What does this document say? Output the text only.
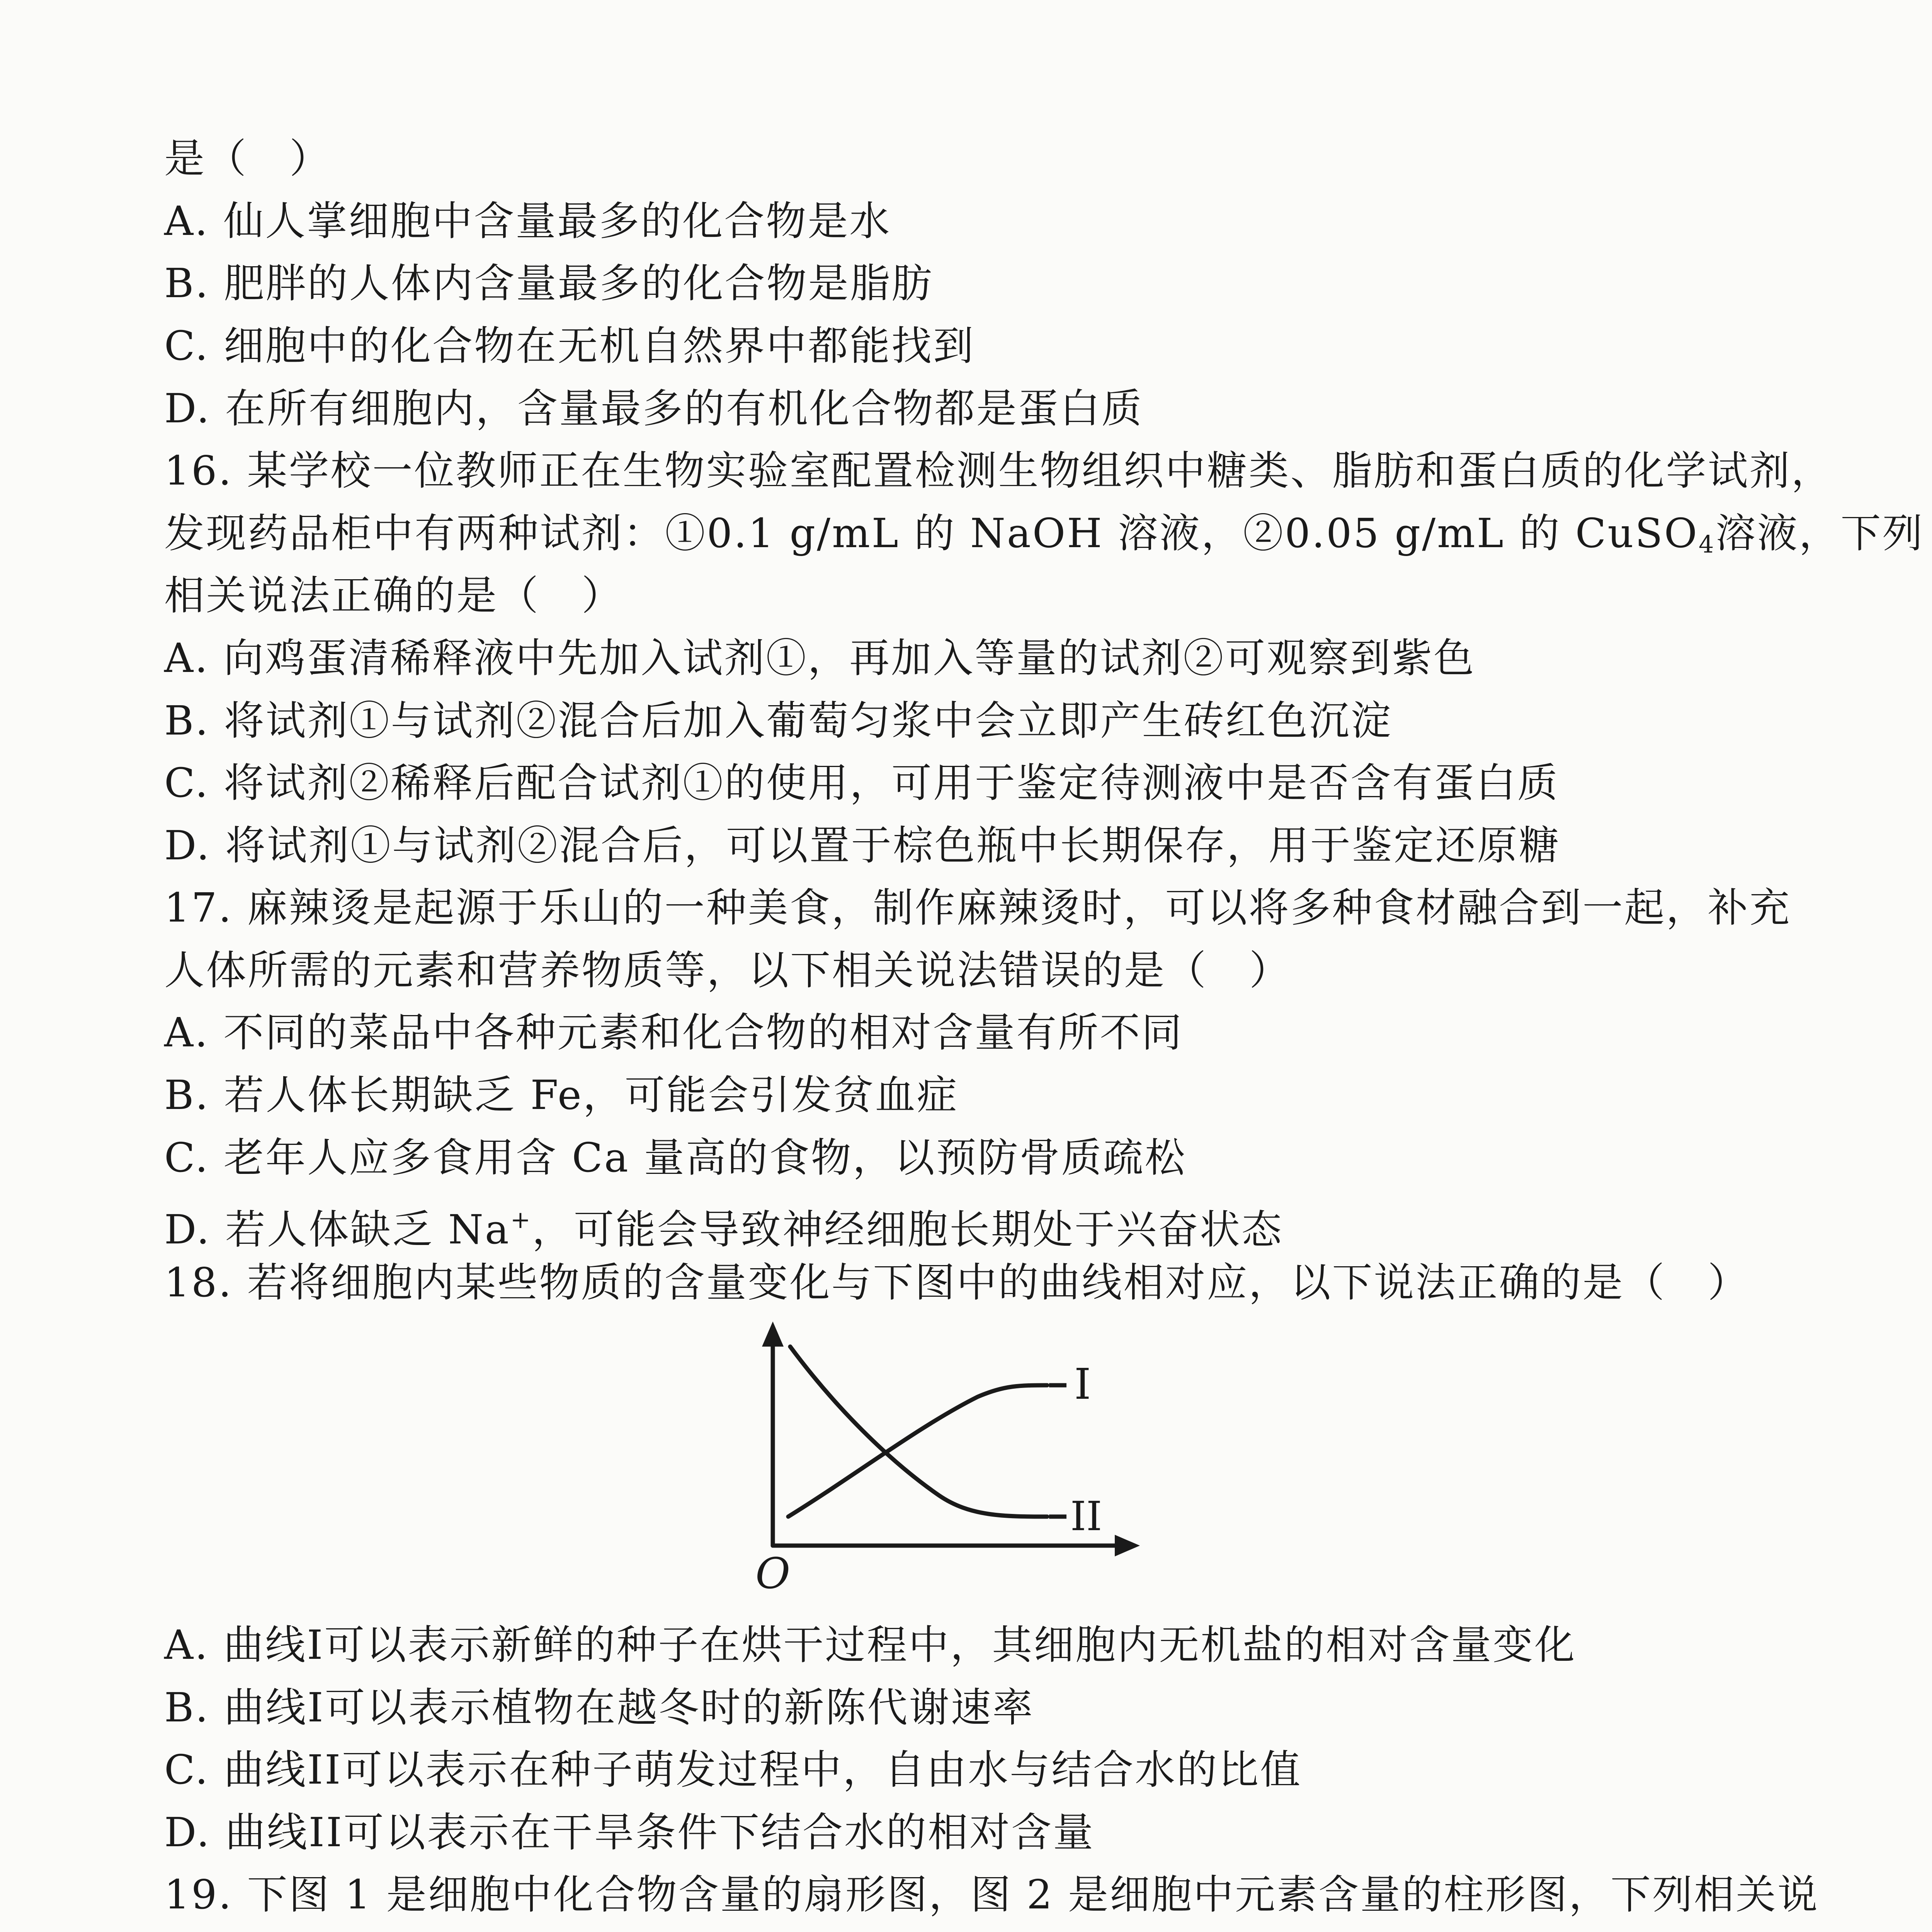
是（　）
A. 仙人掌细胞中含量最多的化合物是水
B. 肥胖的人体内含量最多的化合物是脂肪
C. 细胞中的化合物在无机自然界中都能找到
D. 在所有细胞内，含量最多的有机化合物都是蛋白质
16. 某学校一位教师正在生物实验室配置检测生物组织中糖类、脂肪和蛋白质的化学试剂，
发现药品柜中有两种试剂：①0.1 g/mL 的 NaOH 溶液，②0.05 g/mL 的 CuSO$_4$溶液，下列
相关说法正确的是（　）
A. 向鸡蛋清稀释液中先加入试剂①，再加入等量的试剂②可观察到紫色
B. 将试剂①与试剂②混合后加入葡萄匀浆中会立即产生砖红色沉淀
C. 将试剂②稀释后配合试剂①的使用，可用于鉴定待测液中是否含有蛋白质
D. 将试剂①与试剂②混合后，可以置于棕色瓶中长期保存，用于鉴定还原糖
17. 麻辣烫是起源于乐山的一种美食，制作麻辣烫时，可以将多种食材融合到一起，补充
人体所需的元素和营养物质等，以下相关说法错误的是（　）
A. 不同的菜品中各种元素和化合物的相对含量有所不同
B. 若人体长期缺乏 Fe，可能会引发贫血症
C. 老年人应多食用含 Ca 量高的食物，以预防骨质疏松
D. 若人体缺乏 Na+，可能会导致神经细胞长期处于兴奋状态
18. 若将细胞内某些物质的含量变化与下图中的曲线相对应，以下说法正确的是（　）
I
II
O
A. 曲线I可以表示新鲜的种子在烘干过程中，其细胞内无机盐的相对含量变化
B. 曲线I可以表示植物在越冬时的新陈代谢速率
C. 曲线II可以表示在种子萌发过程中，自由水与结合水的比值
D. 曲线II可以表示在干旱条件下结合水的相对含量
19. 下图 1 是细胞中化合物含量的扇形图，图 2 是细胞中元素含量的柱形图，下列相关说
